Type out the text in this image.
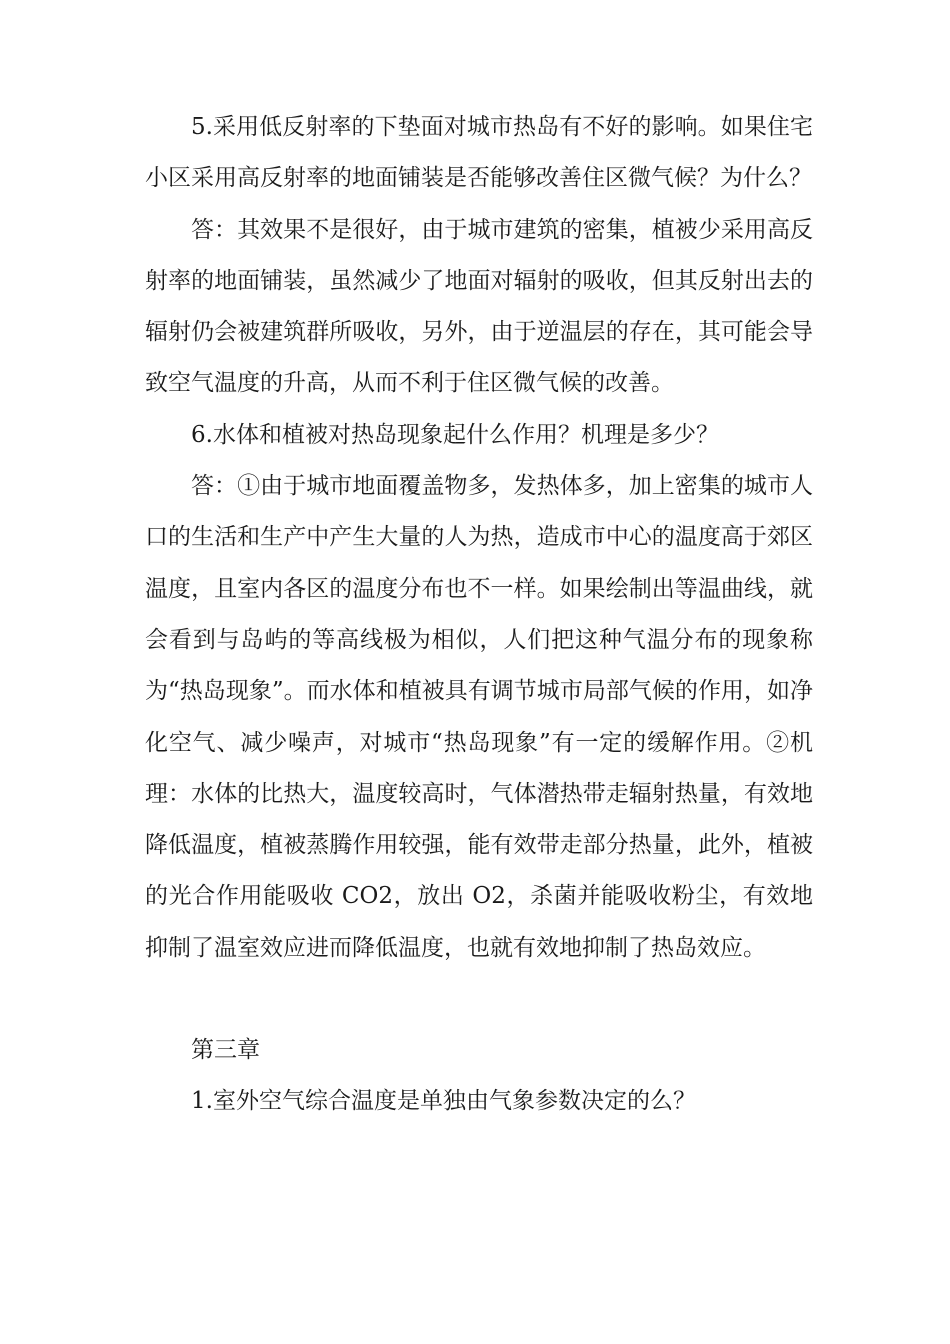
5.采用低反射率的下垫面对城市热岛有不好的影响。如果住宅小区采用高反射率的地面铺装是否能够改善住区微气候？为什么？

答：其效果不是很好，由于城市建筑的密集，植被少采用高反射率的地面铺装，虽然减少了地面对辐射的吸收，但其反射出去的辐射仍会被建筑群所吸收，另外，由于逆温层的存在，其可能会导致空气温度的升高，从而不利于住区微气候的改善。

6.水体和植被对热岛现象起什么作用？机理是多少？

答：①由于城市地面覆盖物多，发热体多，加上密集的城市人口的生活和生产中产生大量的人为热，造成市中心的温度高于郊区温度，且室内各区的温度分布也不一样。如果绘制出等温曲线，就会看到与岛屿的等高线极为相似，人们把这种气温分布的现象称为“热岛现象”。而水体和植被具有调节城市局部气候的作用，如净化空气、减少噪声，对城市“热岛现象”有一定的缓解作用。②机理：水体的比热大，温度较高时，气体潜热带走辐射热量，有效地降低温度，植被蒸腾作用较强，能有效带走部分热量，此外，植被的光合作用能吸收 CO2，放出 O2，杀菌并能吸收粉尘，有效地抑制了温室效应进而降低温度，也就有效地抑制了热岛效应。

第三章

1.室外空气综合温度是单独由气象参数决定的么？
